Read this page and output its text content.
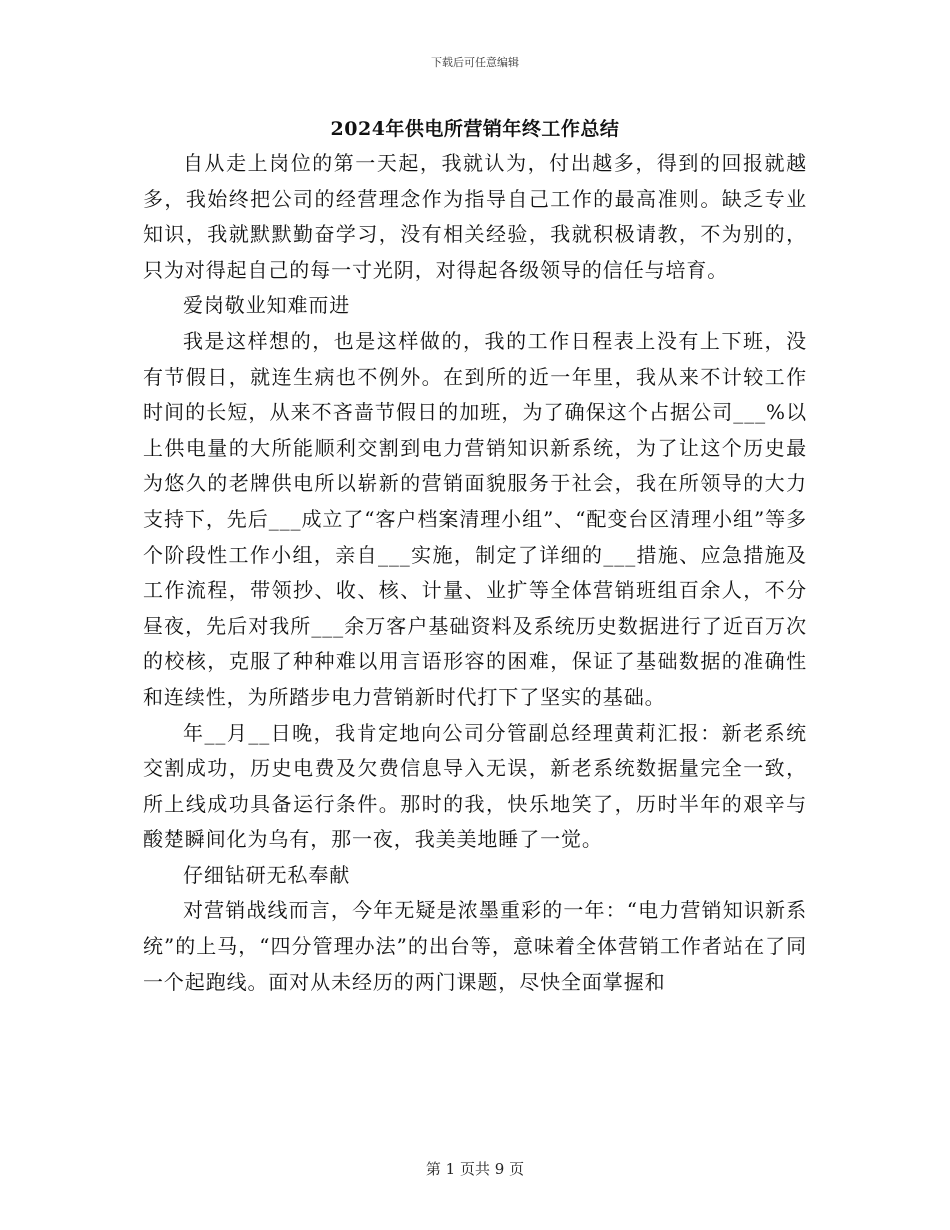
下载后可任意编辑
2024年供电所营销年终工作总结

自从走上岗位的第一天起，我就认为，付出越多，得到的回报就越多，我始终把公司的经营理念作为指导自己工作的最高准则。缺乏专业知识，我就默默勤奋学习，没有相关经验，我就积极请教，不为别的，只为对得起自己的每一寸光阴，对得起各级领导的信任与培育。

爱岗敬业知难而进

我是这样想的，也是这样做的，我的工作日程表上没有上下班，没有节假日，就连生病也不例外。在到所的近一年里，我从来不计较工作时间的长短，从来不吝啬节假日的加班，为了确保这个占据公司___%以上供电量的大所能顺利交割到电力营销知识新系统，为了让这个历史最为悠久的老牌供电所以崭新的营销面貌服务于社会，我在所领导的大力支持下，先后___成立了“客户档案清理小组”、“配变台区清理小组”等多个阶段性工作小组，亲自___实施，制定了详细的___措施、应急措施及工作流程，带领抄、收、核、计量、业扩等全体营销班组百余人，不分昼夜，先后对我所___余万客户基础资料及系统历史数据进行了近百万次的校核，克服了种种难以用言语形容的困难，保证了基础数据的准确性和连续性，为所踏步电力营销新时代打下了坚实的基础。

年__月__日晚，我肯定地向公司分管副总经理黄莉汇报：新老系统交割成功，历史电费及欠费信息导入无误，新老系统数据量完全一致，所上线成功具备运行条件。那时的我，快乐地笑了，历时半年的艰辛与酸楚瞬间化为乌有，那一夜，我美美地睡了一觉。

仔细钻研无私奉献

对营销战线而言，今年无疑是浓墨重彩的一年：“电力营销知识新系统”的上马，“四分管理办法”的出台等，意味着全体营销工作者站在了同一个起跑线。面对从未经历的两门课题，尽快全面掌握和

第 1 页共 9 页
